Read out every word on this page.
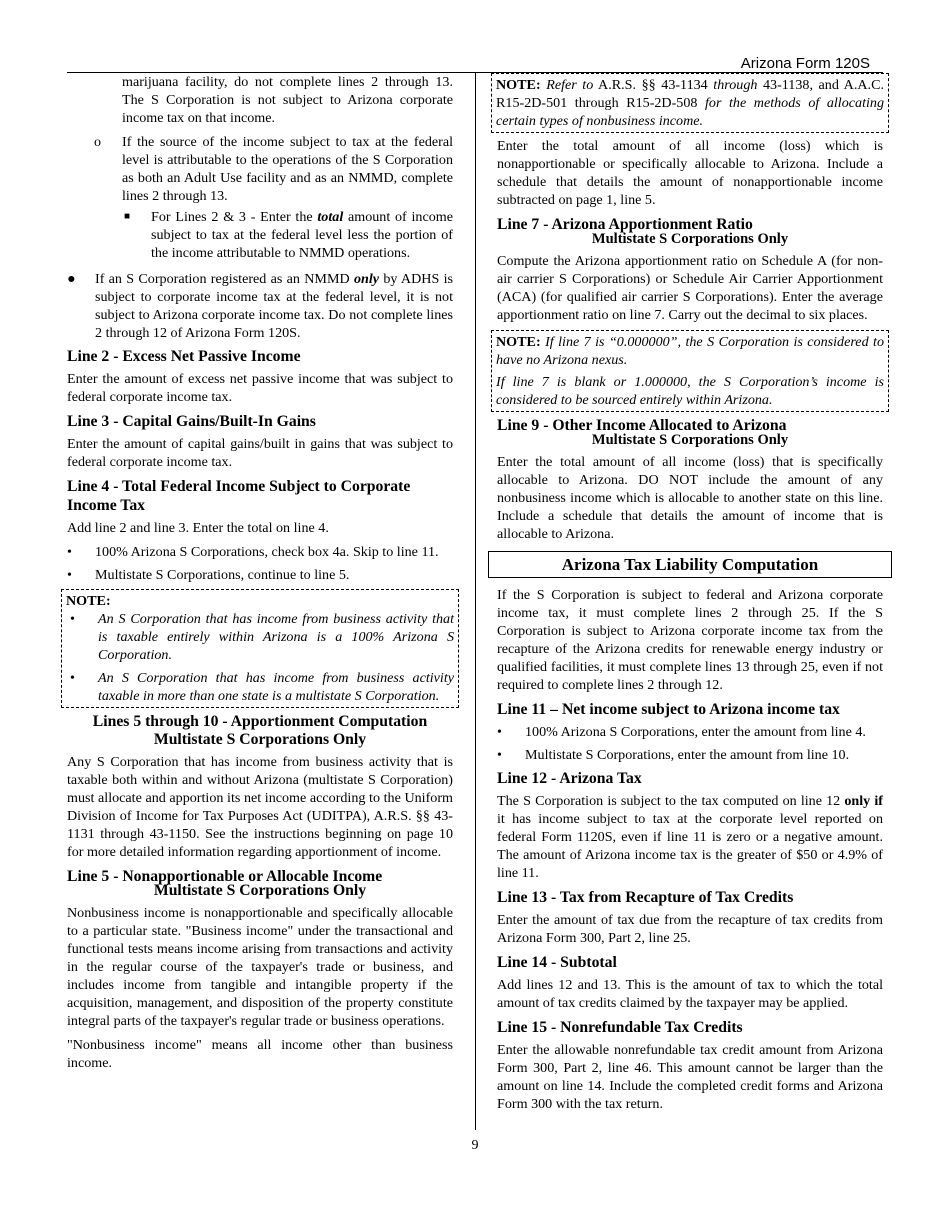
Arizona Form 120S

marijuana facility, do not complete lines 2 through 13. The S Corporation is not subject to Arizona corporate income tax on that income.

o If the source of the income subject to tax at the federal level is attributable to the operations of the S Corporation as both an Adult Use facility and as an NMMD, complete lines 2 through 13.
■ For Lines 2 & 3 - Enter the total amount of income subject to tax at the federal level less the portion of the income attributable to NMMD operations.
● If an S Corporation registered as an NMMD only by ADHS is subject to corporate income tax at the federal level, it is not subject to Arizona corporate income tax. Do not complete lines 2 through 12 of Arizona Form 120S.
Line 2 - Excess Net Passive Income

Enter the amount of excess net passive income that was subject to federal corporate income tax.

Line 3 - Capital Gains/Built-In Gains

Enter the amount of capital gains/built in gains that was subject to federal corporate income tax.

Line 4 - Total Federal Income Subject to Corporate Income Tax

Add line 2 and line 3. Enter the total on line 4.

• 100% Arizona S Corporations, check box 4a. Skip to line 11.
• Multistate S Corporations, continue to line 5.
NOTE:
• An S Corporation that has income from business activity that is taxable entirely within Arizona is a 100% Arizona S Corporation.
• An S Corporation that has income from business activity taxable in more than one state is a multistate S Corporation.
Lines 5 through 10 - Apportionment Computation
Multistate S Corporations Only

Any S Corporation that has income from business activity that is taxable both within and without Arizona (multistate S Corporation) must allocate and apportion its net income according to the Uniform Division of Income for Tax Purposes Act (UDITPA), A.R.S. §§ 43-1131 through 43-1150. See the instructions beginning on page 10 for more detailed information regarding apportionment of income.

Line 5 - Nonapportionable or Allocable Income
Multistate S Corporations Only

Nonbusiness income is nonapportionable and specifically allocable to a particular state. "Business income" under the transactional and functional tests means income arising from transactions and activity in the regular course of the taxpayer's trade or business, and includes income from tangible and intangible property if the acquisition, management, and disposition of the property constitute integral parts of the taxpayer's regular trade or business operations.

"Nonbusiness income" means all income other than business income.

NOTE: Refer to A.R.S. §§ 43-1134 through 43-1138, and A.A.C. R15-2D-501 through R15-2D-508 for the methods of allocating certain types of nonbusiness income.

Enter the total amount of all income (loss) which is nonapportionable or specifically allocable to Arizona. Include a schedule that details the amount of nonapportionable income subtracted on page 1, line 5.

Line 7 - Arizona Apportionment Ratio
Multistate S Corporations Only

Compute the Arizona apportionment ratio on Schedule A (for non-air carrier S Corporations) or Schedule Air Carrier Apportionment (ACA) (for qualified air carrier S Corporations). Enter the average apportionment ratio on line 7. Carry out the decimal to six places.

NOTE: If line 7 is “0.000000”, the S Corporation is considered to have no Arizona nexus.

If line 7 is blank or 1.000000, the S Corporation’s income is considered to be sourced entirely within Arizona.

Line 9 - Other Income Allocated to Arizona
Multistate S Corporations Only

Enter the total amount of all income (loss) that is specifically allocable to Arizona. DO NOT include the amount of any nonbusiness income which is allocable to another state on this line. Include a schedule that details the amount of income that is allocable to Arizona.

Arizona Tax Liability Computation

If the S Corporation is subject to federal and Arizona corporate income tax, it must complete lines 2 through 25. If the S Corporation is subject to Arizona corporate income tax from the recapture of the Arizona credits for renewable energy industry or qualified facilities, it must complete lines 13 through 25, even if not required to complete lines 2 through 12.

Line 11 – Net income subject to Arizona income tax
• 100% Arizona S Corporations, enter the amount from line 4.
• Multistate S Corporations, enter the amount from line 10.
Line 12 - Arizona Tax

The S Corporation is subject to the tax computed on line 12 only if it has income subject to tax at the corporate level reported on federal Form 1120S, even if line 11 is zero or a negative amount. The amount of Arizona income tax is the greater of $50 or 4.9% of line 11.

Line 13 - Tax from Recapture of Tax Credits

Enter the amount of tax due from the recapture of tax credits from Arizona Form 300, Part 2, line 25.

Line 14 - Subtotal

Add lines 12 and 13. This is the amount of tax to which the total amount of tax credits claimed by the taxpayer may be applied.

Line 15 - Nonrefundable Tax Credits

Enter the allowable nonrefundable tax credit amount from Arizona Form 300, Part 2, line 46. This amount cannot be larger than the amount on line 14. Include the completed credit forms and Arizona Form 300 with the tax return.

9
